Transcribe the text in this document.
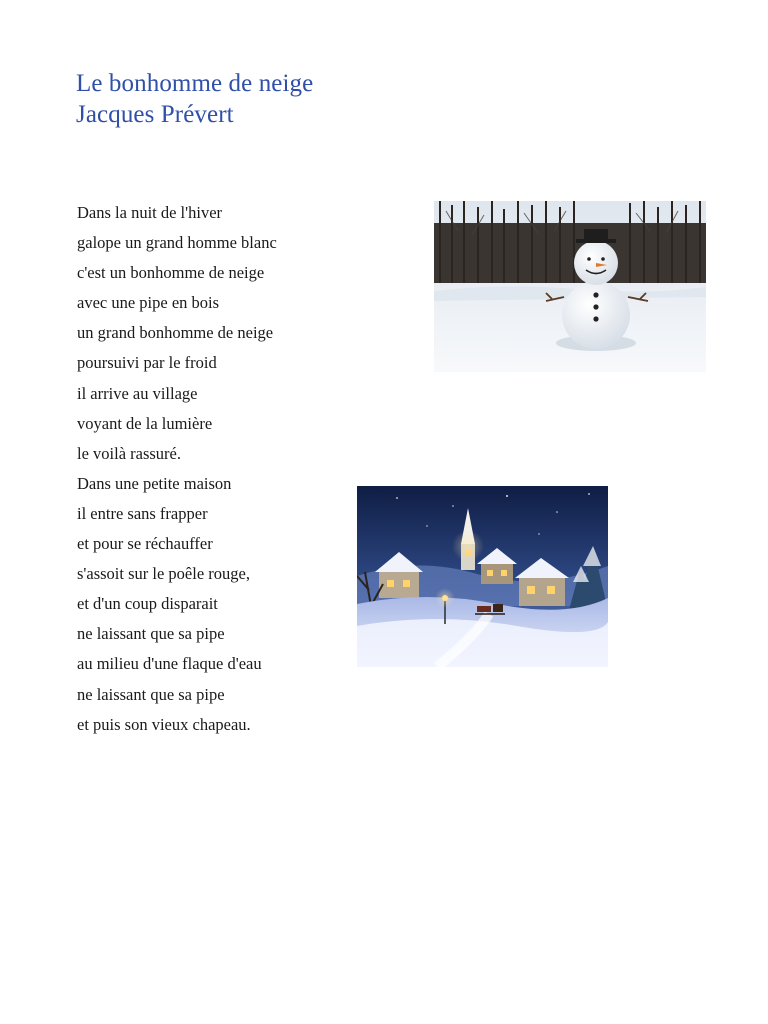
Le bonhomme de neige
Jacques Prévert
Dans la nuit de l'hiver
galope un grand homme blanc
c'est un bonhomme de neige
avec une pipe en bois
un grand bonhomme de neige
poursuivi par le froid
il arrive au village
voyant de la lumière
le voilà rassuré.
Dans une petite maison
il entre sans frapper
et pour se réchauffer
s'assoit sur le poêle rouge,
et d'un coup disparait
ne laissant que sa pipe
au milieu d'une flaque d'eau
ne laissant que sa pipe
et puis son vieux chapeau.
